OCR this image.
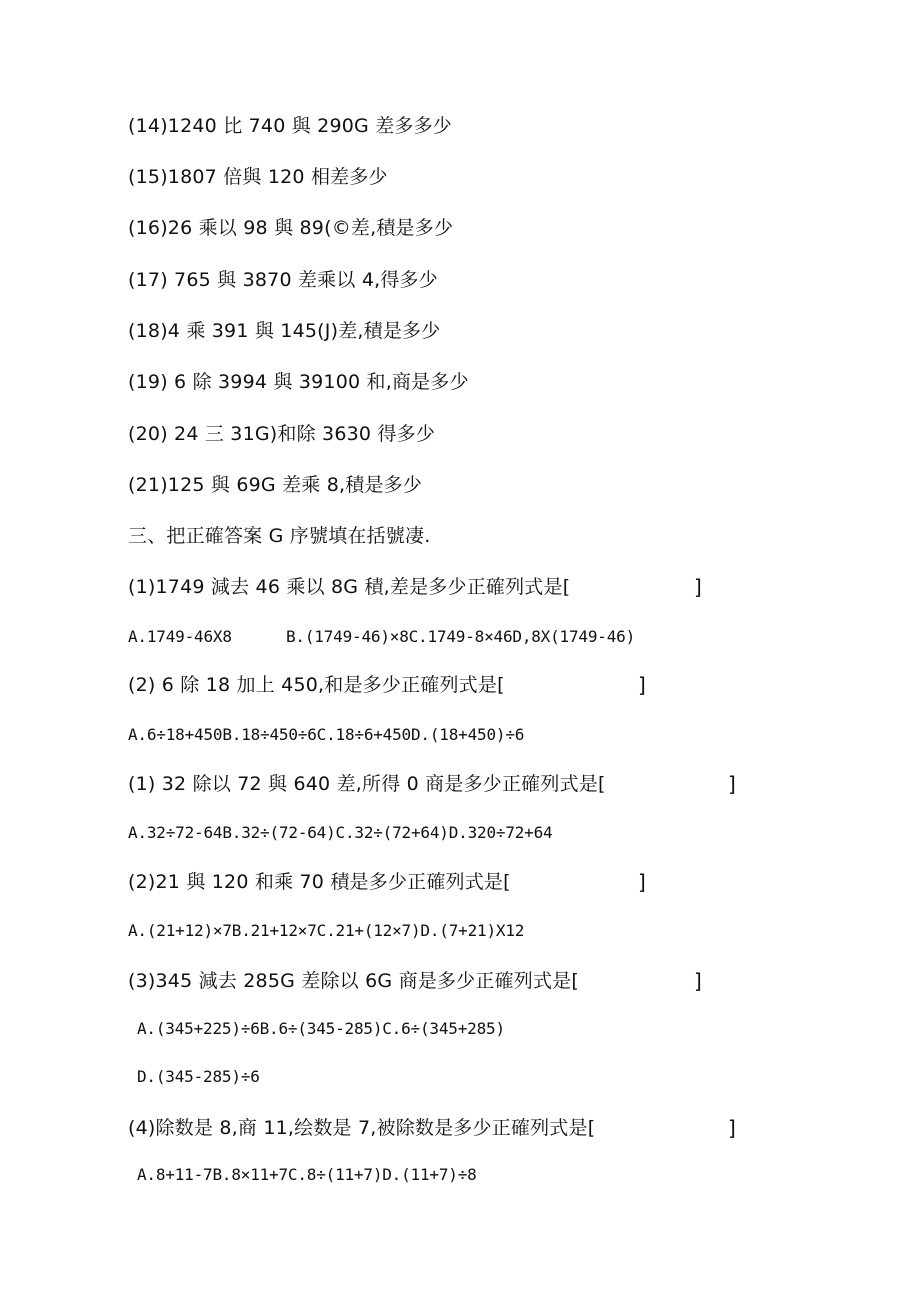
(14)1240 比 740 與 290G 差多多少
(15)1807 倍與 120 相差多少
(16)26 乘以 98 與 89(©差,積是多少
(17) 765 與 3870 差乘以 4,得多少
(18)4 乘 391 與 145(J)差,積是多少
(19) 6 除 3994 與 39100 和,商是多少
(20) 24 三 31G)和除 3630 得多少
(21)125 與 69G 差乘 8,積是多少
三、把正確答案 G 序號填在括號凄.
(1)1749 減去 46 乘以 8G 積,差是多少正確列式是[	]
A.1749-46X8	B.(1749-46)×8C.1749-8×46D,8X(1749-46)
(2) 6 除 18 加上 450,和是多少正確列式是[	]
A.6÷18+450B.18÷450÷6C.18÷6+450D.(18+450)÷6
(1) 32 除以 72 與 640 差,所得 0 商是多少正確列式是[	]
A.32÷72-64B.32÷(72-64)C.32÷(72+64)D.320÷72+64
(2)21 與 120 和乘 70 積是多少正確列式是[	]
A.(21+12)×7B.21+12×7C.21+(12×7)D.(7+21)X12
(3)345 減去 285G 差除以 6G 商是多少正確列式是[	]
A.(345+225)÷6B.6÷(345-285)C.6÷(345+285)
D.(345-285)÷6
(4)除数是 8,商 11,绘数是 7,被除数是多少正確列式是[	]
A.8+11-7B.8×11+7C.8÷(11+7)D.(11+7)÷8
